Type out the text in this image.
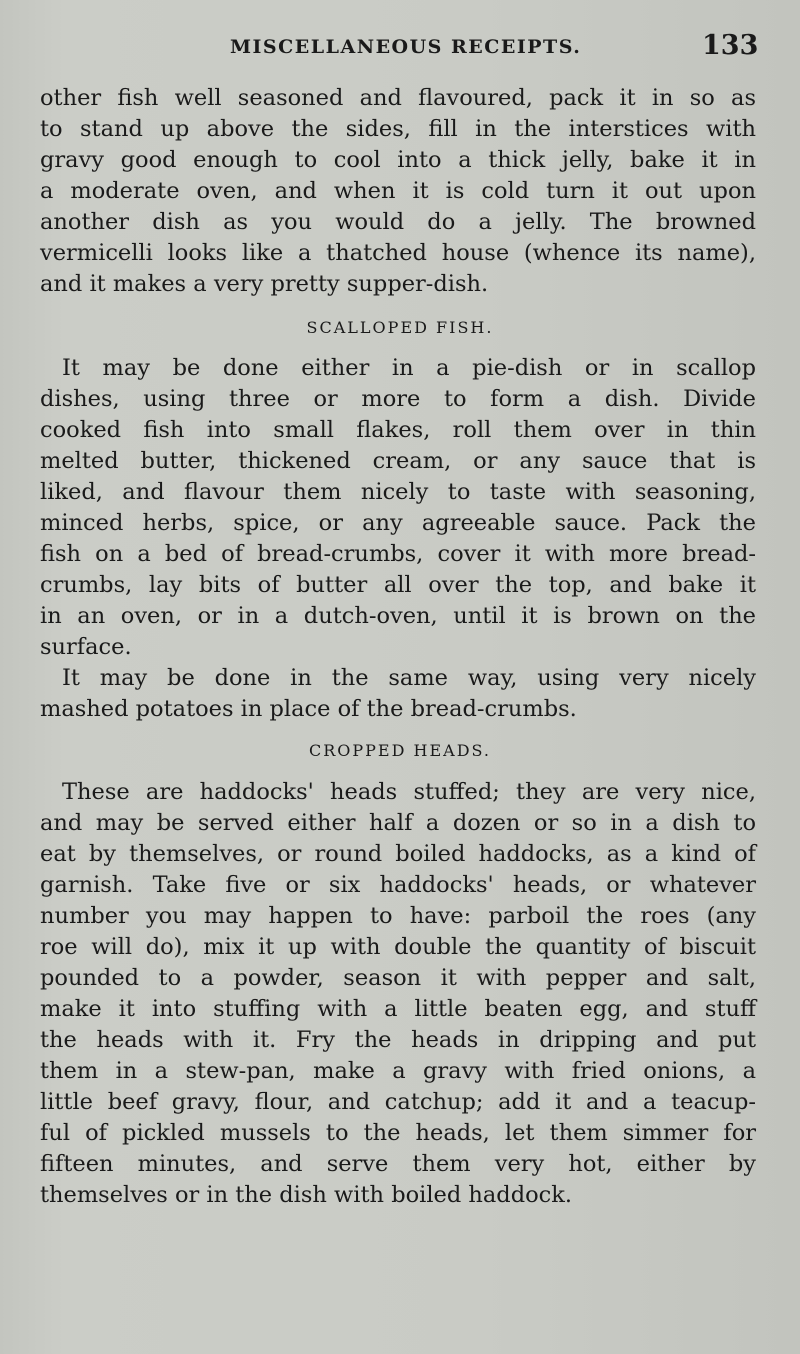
MISCELLANEOUS RECEIPTS.	133
other fish well seasoned and flavoured, pack it in so as
to stand up above the sides, fill in the interstices with
gravy good enough to cool into a thick jelly, bake it in
a moderate oven, and when it is cold turn it out upon
another dish as you would do a jelly. The browned
vermicelli looks like a thatched house (whence its name),
and it makes a very pretty supper-dish.
SCALLOPED FISH.
It may be done either in a pie-dish or in scallop
dishes, using three or more to form a dish. Divide
cooked fish into small flakes, roll them over in thin
melted butter, thickened cream, or any sauce that is
liked, and flavour them nicely to taste with seasoning,
minced herbs, spice, or any agreeable sauce. Pack the
fish on a bed of bread-crumbs, cover it with more bread-
crumbs, lay bits of butter all over the top, and bake it
in an oven, or in a dutch-oven, until it is brown on the
surface.
It may be done in the same way, using very nicely
mashed potatoes in place of the bread-crumbs.
CROPPED HEADS.
These are haddocks' heads stuffed; they are very nice,
and may be served either half a dozen or so in a dish to
eat by themselves, or round boiled haddocks, as a kind of
garnish. Take five or six haddocks' heads, or whatever
number you may happen to have: parboil the roes (any
roe will do), mix it up with double the quantity of biscuit
pounded to a powder, season it with pepper and salt,
make it into stuffing with a little beaten egg, and stuff
the heads with it. Fry the heads in dripping and put
them in a stew-pan, make a gravy with fried onions, a
little beef gravy, flour, and catchup; add it and a teacup-
ful of pickled mussels to the heads, let them simmer for
fifteen minutes, and serve them very hot, either by
themselves or in the dish with boiled haddock.
